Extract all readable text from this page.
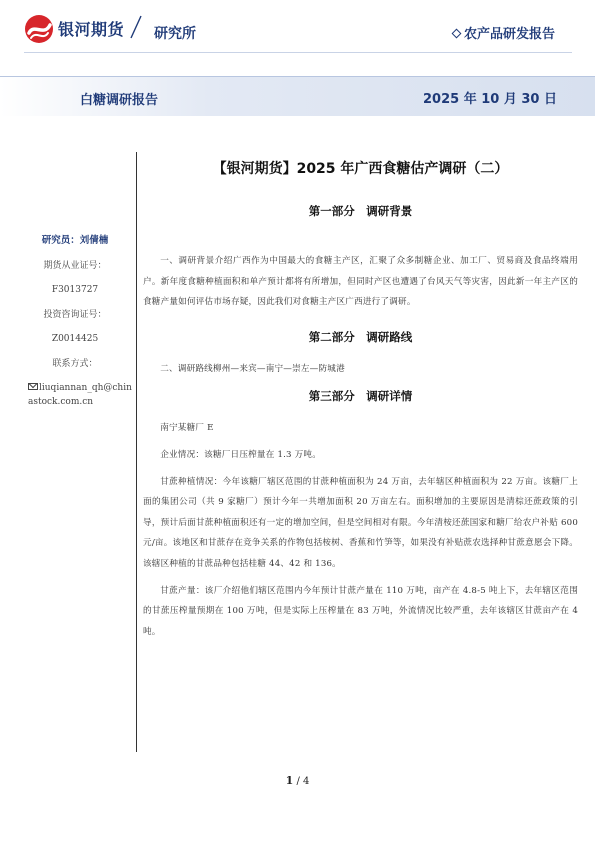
银河期货 研究所	农产品研发报告
白糖调研报告	2025 年 10 月 30 日
研究员：刘倩楠
期货从业证号：
F3013727
投资咨询证号：
Z0014425
联系方式：
liuqiannan_qh@chinastock.com.cn
【银河期货】2025 年广西食糖估产调研（二）
第一部分　调研背景

一、调研背景介绍广西作为中国最大的食糖主产区，汇聚了众多制糖企业、加工厂、贸易商及食品终端用户。新年度食糖种植面积和单产预计都将有所增加，但同时产区也遭遇了台风天气等灾害，因此新一年主产区的食糖产量如何评估市场存疑，因此我们对食糖主产区广西进行了调研。

第二部分　调研路线

二、调研路线柳州—来宾—南宁—崇左—防城港

第三部分　调研详情

南宁某糖厂 E

企业情况：该糖厂日压榨量在 1.3 万吨。

甘蔗种植情况：今年该糖厂辖区范围的甘蔗种植面积为 24 万亩，去年辖区种植面积为 22 万亩。该糖厂上面的集团公司（共 9 家糖厂）预计今年一共增加面积 20 万亩左右。面积增加的主要原因是清棕还蔗政策的引导，预计后面甘蔗种植面积还有一定的增加空间，但是空间相对有限。今年清桉还蔗国家和糖厂给农户补贴 600 元/亩。该地区和甘蔗存在竞争关系的作物包括桉树、香蕉和竹笋等，如果没有补贴蔗农选择种甘蔗意愿会下降。该辖区种植的甘蔗品种包括桂糖 44、42 和 136。

甘蔗产量：该厂介绍他们辖区范围内今年预计甘蔗产量在 110 万吨，亩产在 4.8-5 吨上下，去年辖区范围的甘蔗压榨量预期在 100 万吨，但是实际上压榨量在 83 万吨，外流情况比较严重，去年该辖区甘蔗亩产在 4 吨。

1 / 4
